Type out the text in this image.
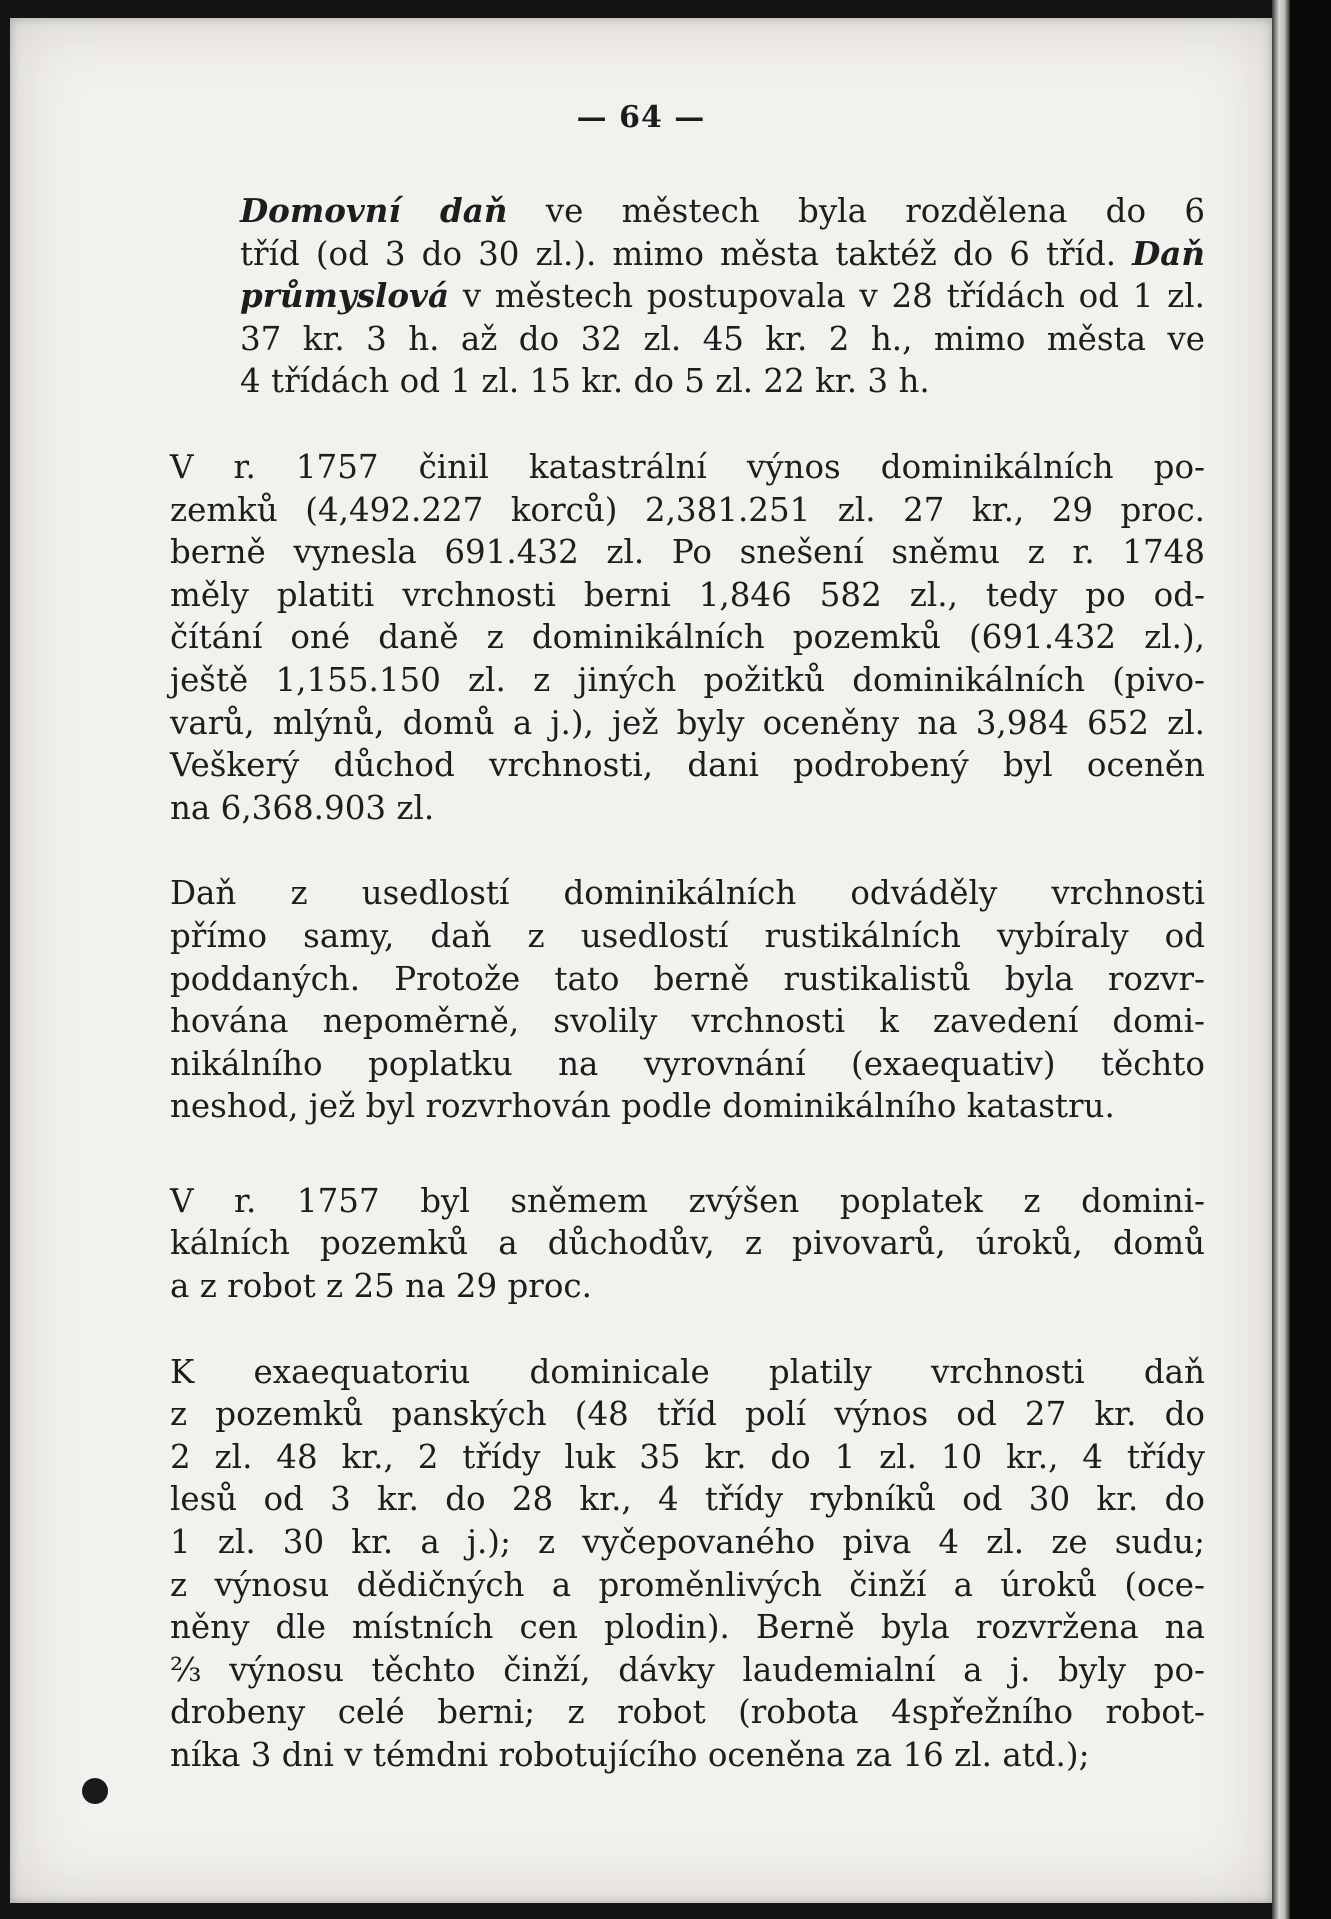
— 64 —

Domovní daň ve městech byla rozdělena do 6
tříd (od 3 do 30 zl.). mimo města taktéž do 6 tříd. Daň
průmyslová v městech postupovala v 28 třídách od 1 zl.
37 kr. 3 h. až do 32 zl. 45 kr. 2 h., mimo města ve
4 třídách od 1 zl. 15 kr. do 5 zl. 22 kr. 3 h.

V r. 1757 činil katastrální výnos dominikálních po-
zemků (4,492.227 korců) 2,381.251 zl. 27 kr., 29 proc.
berně vynesla 691.432 zl. Po snešení sněmu z r. 1748
měly platiti vrchnosti berni 1,846 582 zl., tedy po od-
čítání oné daně z dominikálních pozemků (691.432 zl.),
ještě 1,155.150 zl. z jiných požitků dominikálních (pivo-
varů, mlýnů, domů a j.), jež byly oceněny na 3,984 652 zl.
Veškerý důchod vrchnosti, dani podrobený byl oceněn
na 6,368.903 zl.

Daň z usedlostí dominikálních odváděly vrchnosti
přímo samy, daň z usedlostí rustikálních vybíraly od
poddaných. Protože tato berně rustikalistů byla rozvr-
hována nepoměrně, svolily vrchnosti k zavedení domi-
nikálního poplatku na vyrovnání (exaequativ) těchto
neshod, jež byl rozvrhován podle dominikálního katastru.

V r. 1757 byl sněmem zvýšen poplatek z domini-
kálních pozemků a důchodův, z pivovarů, úroků, domů
a z robot z 25 na 29 proc.

K exaequatoriu dominicale platily vrchnosti daň
z pozemků panských (48 tříd polí výnos od 27 kr. do
2 zl. 48 kr., 2 třídy luk 35 kr. do 1 zl. 10 kr., 4 třídy
lesů od 3 kr. do 28 kr., 4 třídy rybníků od 30 kr. do
1 zl. 30 kr. a j.); z vyčepovaného piva 4 zl. ze sudu;
z výnosu dědičných a proměnlivých činží a úroků (oce-
něny dle místních cen plodin). Berně byla rozvržena na
⅔ výnosu těchto činží, dávky laudemialní a j. byly po-
drobeny celé berni; z robot (robota 4spřežního robot-
níka 3 dni v témdni robotujícího oceněna za 16 zl. atd.);
